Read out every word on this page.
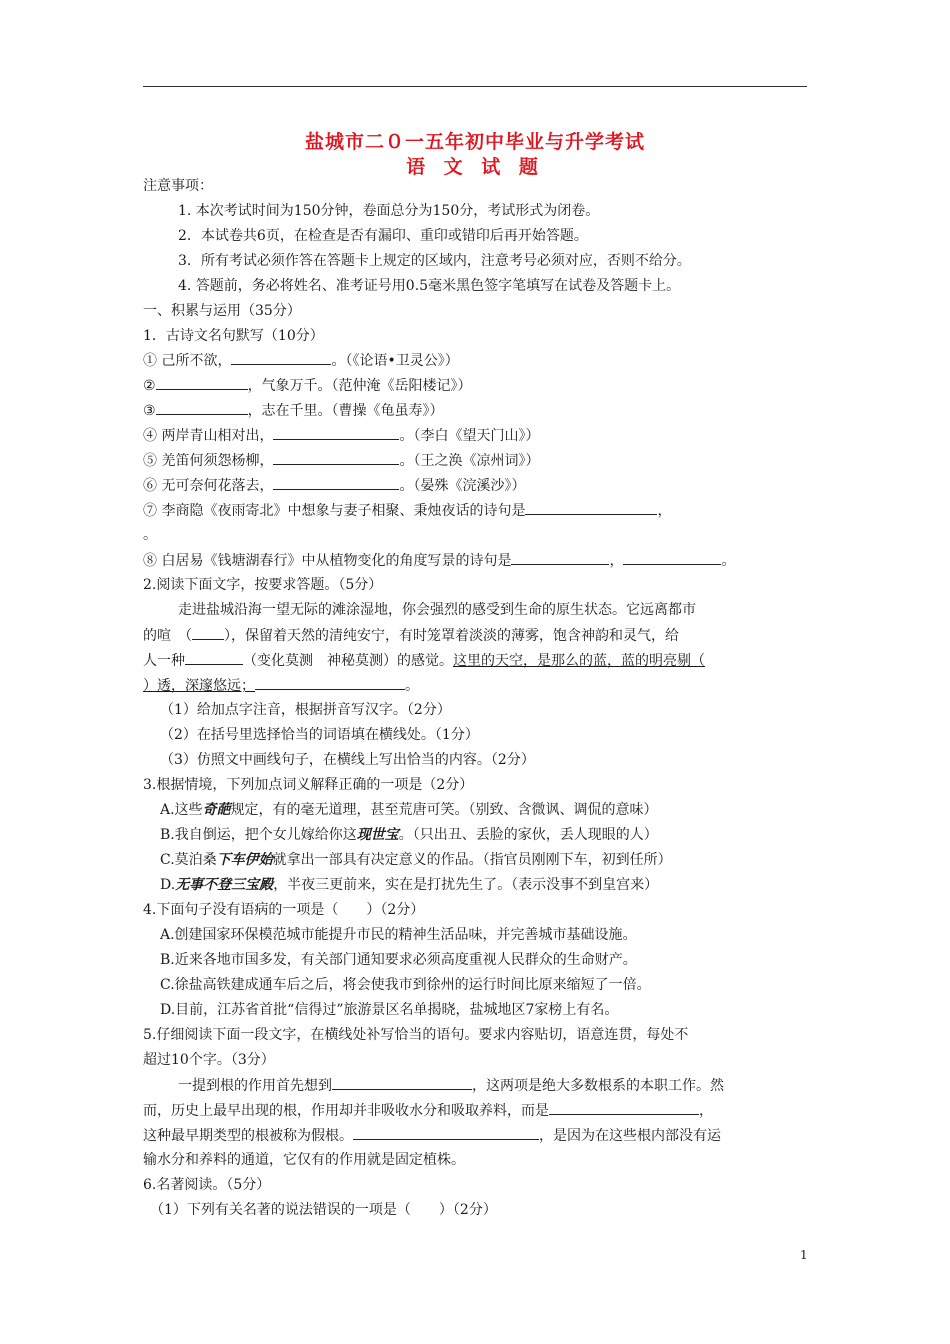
盐城市二０一五年初中毕业与升学考试
语 文 试 题
注意事项：
1. 本次考试时间为150分钟，卷面总分为150分，考试形式为闭卷。
2．本试卷共6页，在检查是否有漏印、重印或错印后再开始答题。
3．所有考试必须作答在答题卡上规定的区域内，注意考号必须对应，否则不给分。
4. 答题前，务必将姓名、准考证号用0.5毫米黑色签字笔填写在试卷及答题卡上。
一、积累与运用（35分）
1．古诗文名句默写（10分）
① 己所不欲，	。（《论语•卫灵公》）
②	，气象万千。（范仲淹《岳阳楼记》）
③	，志在千里。（曹操《龟虽寿》）
④ 两岸青山相对出，	。（李白《望天门山》）
⑤ 羌笛何须怨杨柳，	。（王之涣《凉州词》）
⑥ 无可奈何花落去，	。（晏殊《浣溪沙》）
⑦ 李商隐《夜雨寄北》中想象与妻子相聚、秉烛夜话的诗句是	，
。
⑧ 白居易《钱塘湖春行》中从植物变化的角度写景的诗句是	，	。
2.阅读下面文字，按要求答题。（5分）
走进盐城沿海一望无际的滩涂湿地，你会强烈的感受到生命的原生状态。它远离都市
的喧　（ ），保留着天然的清纯安宁，有时笼罩着淡淡的薄雾，饱含神韵和灵气，给
人一种	（变化莫测　神秘莫测）的感觉。这里的天空，是那么的蓝，蓝的明亮剔（
）透，深邃悠远；	。
（1）给加点字注音，根据拼音写汉字。（2分）
（2）在括号里选择恰当的词语填在横线处。（1分）
（3）仿照文中画线句子，在横线上写出恰当的内容。（2分）
3.根据情境，下列加点词义解释正确的一项是（2分）
A.这些奇葩规定，有的毫无道理，甚至荒唐可笑。（别致、含微讽、调侃的意味）
B.我自倒运，把个女儿嫁给你这现世宝。（只出丑、丢脸的家伙，丢人现眼的人）
C.莫泊桑下车伊始就拿出一部具有决定意义的作品。（指官员刚刚下车，初到任所）
D.无事不登三宝殿，半夜三更前来，实在是打扰先生了。（表示没事不到皇宫来）
4.下面句子没有语病的一项是（　　）（2分）
A.创建国家环保模范城市能提升市民的精神生活品味，并完善城市基础设施。
B.近来各地市国多发，有关部门通知要求必须高度重视人民群众的生命财产。
C.徐盐高铁建成通车后之后，将会使我市到徐州的运行时间比原来缩短了一倍。
D.目前，江苏省首批“信得过”旅游景区名单揭晓，盐城地区7家榜上有名。
5.仔细阅读下面一段文字，在横线处补写恰当的语句。要求内容贴切，语意连贯，每处不
超过10个字。（3分）
一提到根的作用首先想到	，这两项是绝大多数根系的本职工作。然
而，历史上最早出现的根，作用却并非吸收水分和吸取养料，而是	，
这种最早期类型的根被称为假根。	，是因为在这些根内部没有运
输水分和养料的通道，它仅有的作用就是固定植株。
6.名著阅读。（5分）
（1）下列有关名著的说法错误的一项是（　　）（2分）
1
